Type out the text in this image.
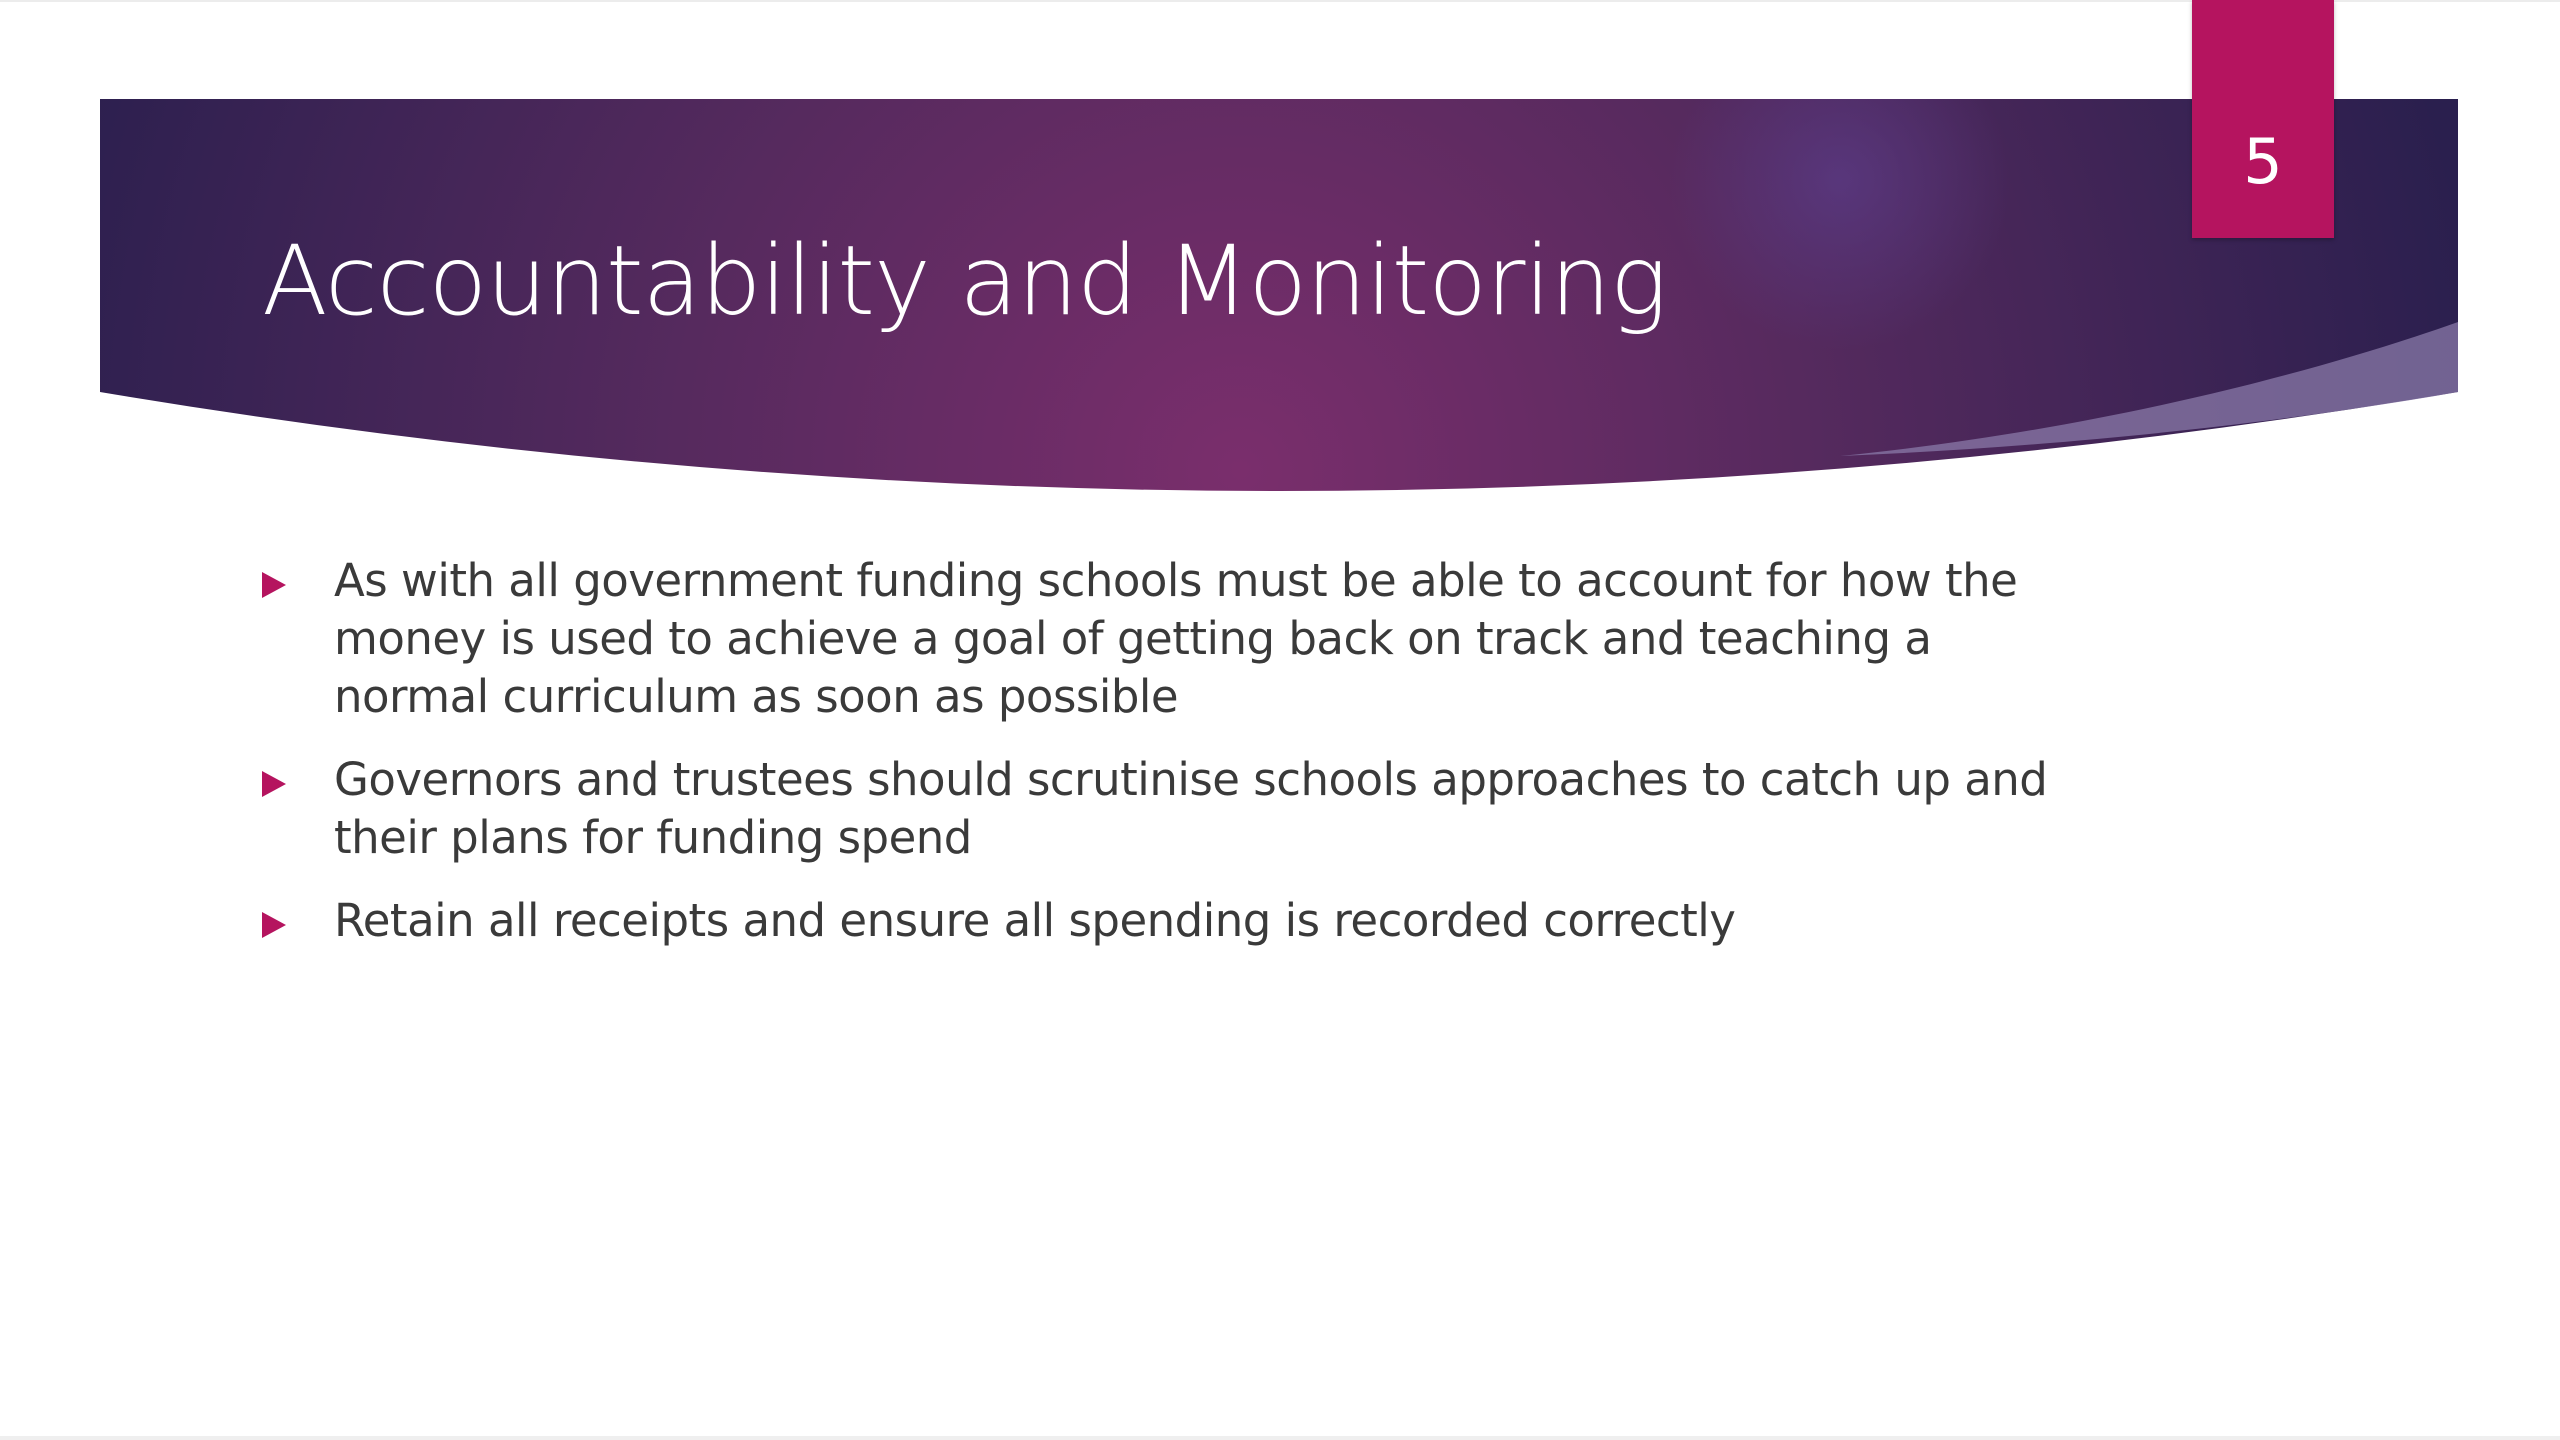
Accountability and Monitoring
5
As with all government funding schools must be able to account for how the money is used to achieve a goal of getting back on track and teaching a normal curriculum as soon as possible
Governors and trustees should scrutinise schools approaches to catch up and their plans for funding spend
Retain all receipts and ensure all spending is recorded correctly
